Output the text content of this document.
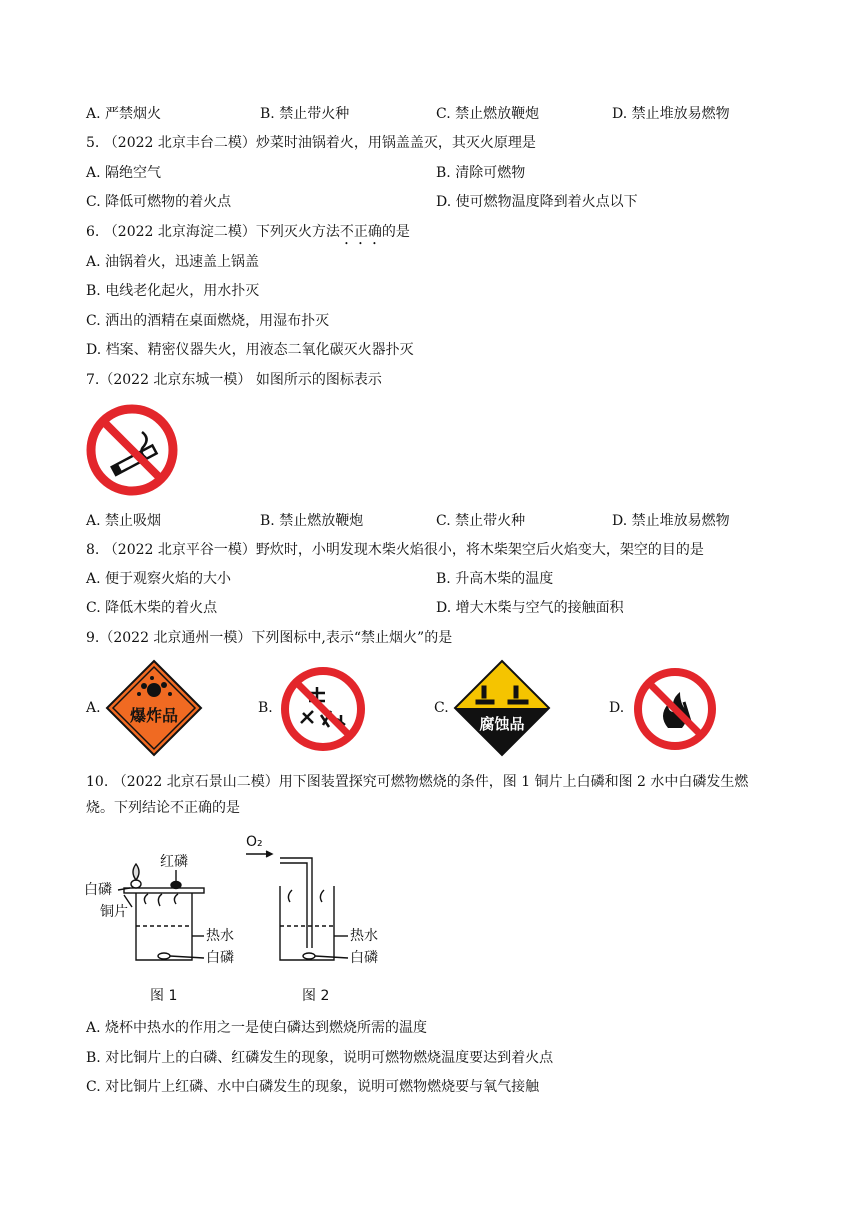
A. 严禁烟火	B. 禁止带火种	C. 禁止燃放鞭炮	D. 禁止堆放易燃物
5. （2022 北京丰台二模）炒菜时油锅着火，用锅盖盖灭，其灭火原理是
A. 隔绝空气	B. 清除可燃物
C. 降低可燃物的着火点	D. 使可燃物温度降到着火点以下
6. （2022 北京海淀二模）下列灭火方法不正确的是
A. 油锅着火，迅速盖上锅盖
B. 电线老化起火，用水扑灭
C. 洒出的酒精在桌面燃烧，用湿布扑灭
D. 档案、精密仪器失火，用液态二氧化碳灭火器扑灭
7.（2022 北京东城一模） 如图所示的图标表示
A. 禁止吸烟	B. 禁止燃放鞭炮	C. 禁止带火种	D. 禁止堆放易燃物
8. （2022 北京平谷一模）野炊时，小明发现木柴火焰很小，将木柴架空后火焰变大，架空的目的是
A. 便于观察火焰的大小	B. 升高木柴的温度
C. 降低木柴的着火点	D. 增大木柴与空气的接触面积
9.（2022 北京通州一模）下列图标中,表示“禁止烟火”的是
A. 爆炸品	B.	C.
腐蚀品
D.
10. （2022 北京石景山二模）用下图装置探究可燃物燃烧的条件，图 1 铜片上白磷和图 2 水中白磷发生燃
烧。下列结论不正确的是
红磷
白磷
铜片
热水
白磷
图 1
O₂
热水
白磷
图 2
A. 烧杯中热水的作用之一是使白磷达到燃烧所需的温度
B. 对比铜片上的白磷、红磷发生的现象，说明可燃物燃烧温度要达到着火点
C. 对比铜片上红磷、水中白磷发生的现象，说明可燃物燃烧要与氧气接触
